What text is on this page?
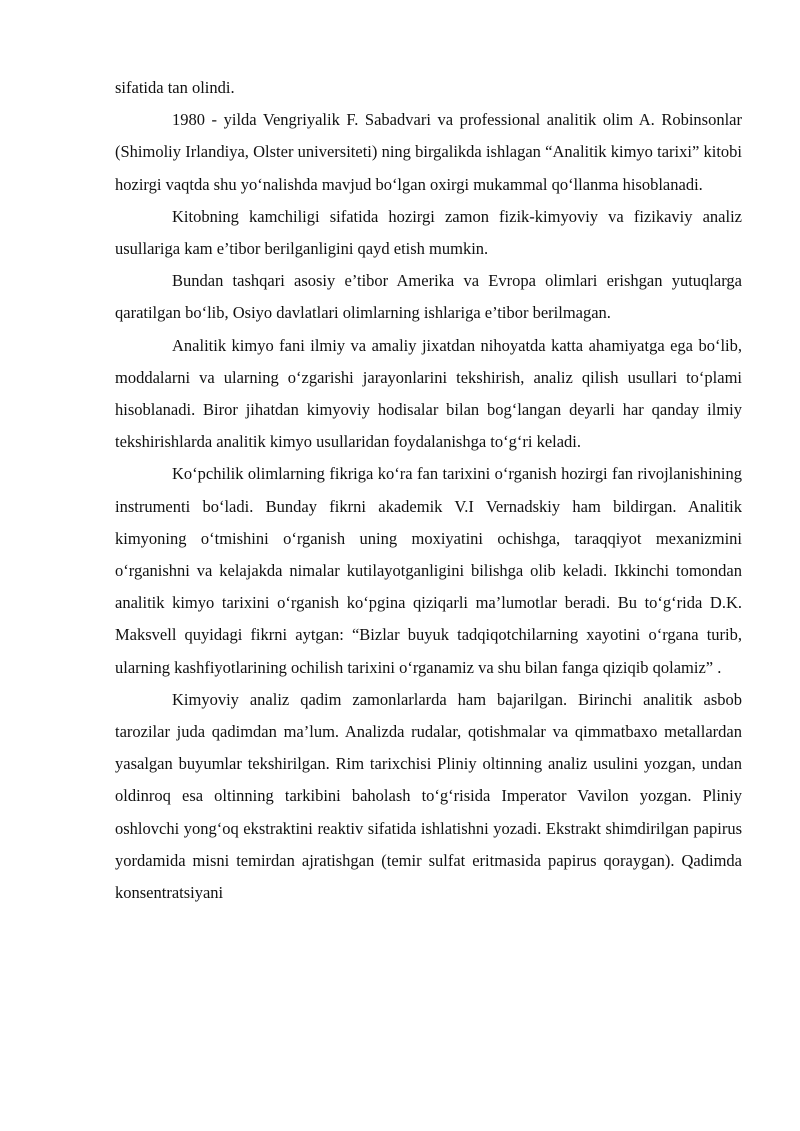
sifatida tan olindi.

1980 - yilda Vengriyalik F. Sabadvari va professional analitik olim A. Robinsonlar (Shimoliy Irlandiya, Olster universiteti) ning birgalikda ishlagan “Analitik kimyo tarixi” kitobi hozirgi vaqtda shu yo‘nalishda mavjud bo‘lgan oxirgi mukammal qo‘llanma hisoblanadi.

Kitobning kamchiligi sifatida hozirgi zamon fizik-kimyoviy va fizikaviy analiz usullariga kam e’tibor berilganligini qayd etish mumkin.

Bundan tashqari asosiy e’tibor Amerika va Evropa olimlari erishgan yutuqlarga qaratilgan bo‘lib, Osiyo davlatlari olimlarning ishlariga e’tibor berilmagan.

Analitik kimyo fani ilmiy va amaliy jixatdan nihoyatda katta ahamiyatga ega bo‘lib, moddalarni va ularning o‘zgarishi jarayonlarini tekshirish, analiz qilish usullari to‘plami hisoblanadi. Biror jihatdan kimyoviy hodisalar bilan bog‘langan deyarli har qanday ilmiy tekshirishlarda analitik kimyo usullaridan foydalanishga to‘g‘ri keladi.

Ko‘pchilik olimlarning fikriga ko‘ra fan tarixini o‘rganish hozirgi fan rivojlanishining instrumenti bo‘ladi. Bunday fikrni akademik V.I Vernadskiy ham bildirgan. Analitik kimyoning o‘tmishini o‘rganish uning moxiyatini ochishga, taraqqiyot mexanizmini o‘rganishni va kelajakda nimalar kutilayotganligini bilishga olib keladi. Ikkinchi tomondan analitik kimyo tarixini o‘rganish ko‘pgina qiziqarli ma’lumotlar beradi. Bu to‘g‘rida D.K. Maksvell quyidagi fikrni aytgan: “Bizlar buyuk tadqiqotchilarning xayotini o‘rgana turib, ularning kashfiyotlarining ochilish tarixini o‘rganamiz va shu bilan fanga qiziqib qolamiz” .

Kimyoviy analiz qadim zamonlarlarda ham bajarilgan. Birinchi analitik asbob tarozilar juda qadimdan ma’lum. Analizda rudalar, qotishmalar va qimmatbaxo metallardan yasalgan buyumlar tekshirilgan. Rim tarixchisi Pliniy oltinning analiz usulini yozgan, undan oldinroq esa oltinning tarkibini baholash to‘g‘risida Imperator Vavilon yozgan. Pliniy oshlovchi yong‘oq ekstraktini reaktiv sifatida ishlatishni yozadi. Ekstrakt shimdirilgan papirus yordamida misni temirdan ajratishgan (temir sulfat eritmasida papirus qoraygan). Qadimda konsentratsiyani
